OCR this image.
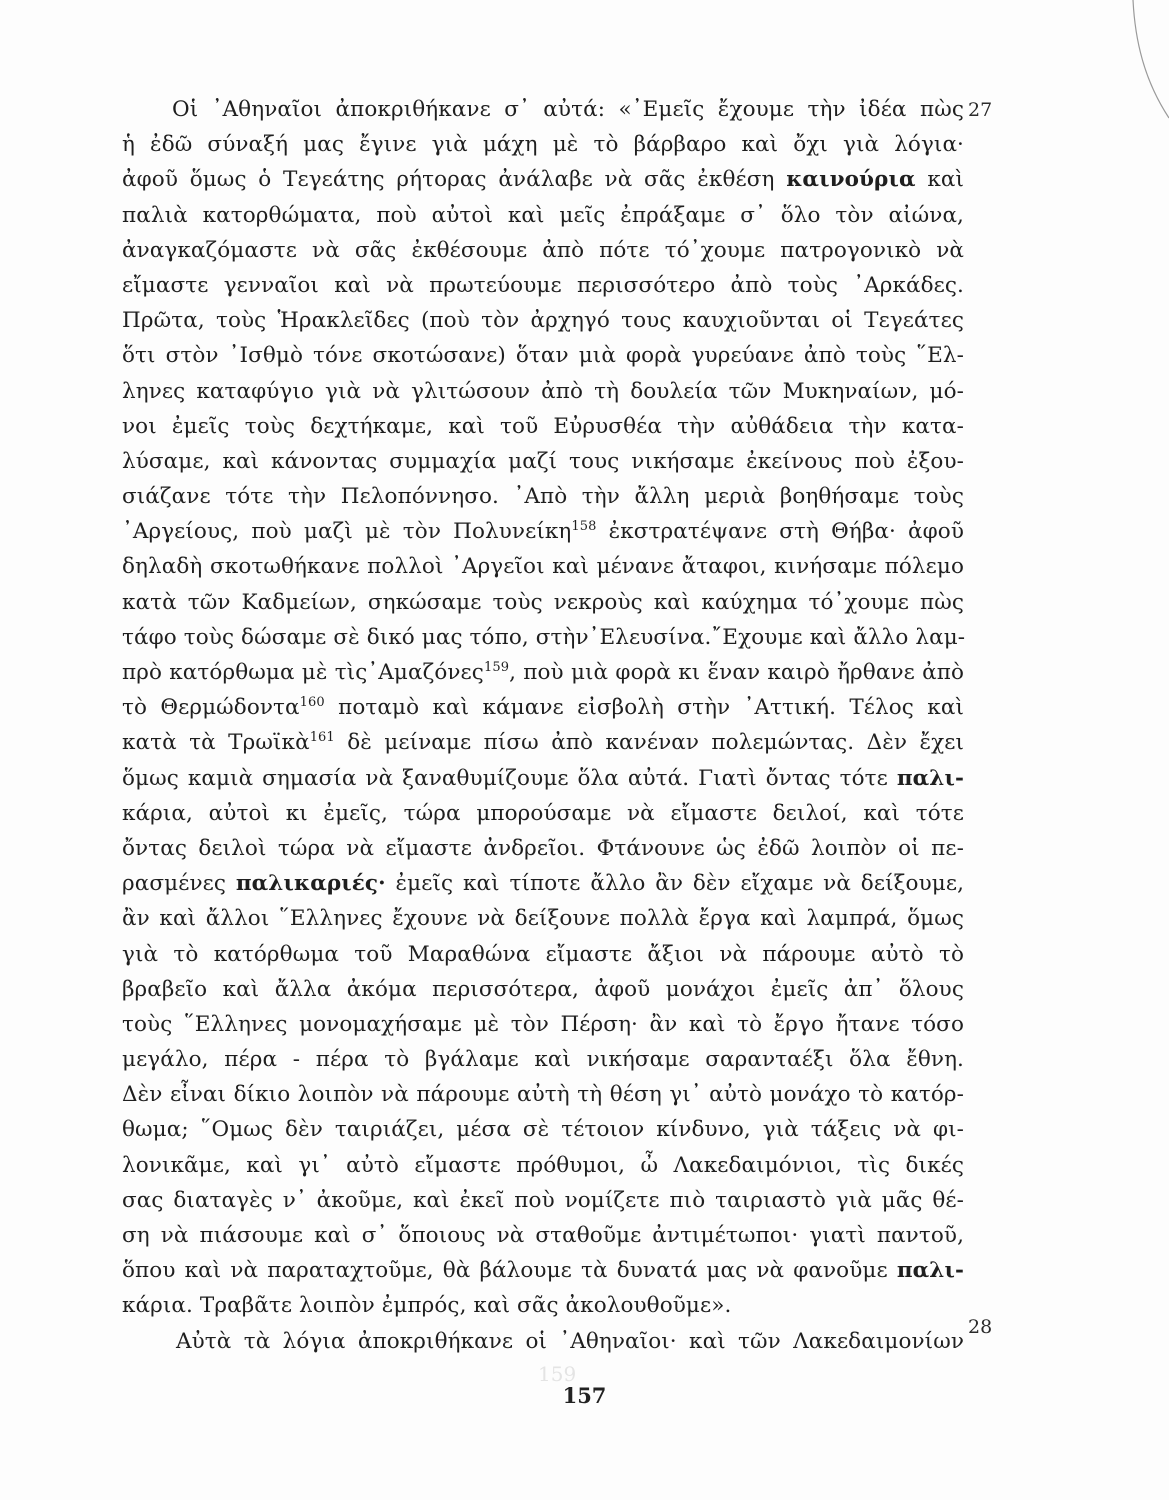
Οἱ ᾿Αθηναῖοι ἀποκριθήκανε σ᾿ αὐτά: «᾿Εμεῖς ἔχουμε τὴν ἰδέα πὼς
ἡ ἐδῶ σύναξή μας ἔγινε γιὰ μάχη μὲ τὸ βάρβαρο καὶ ὄχι γιὰ λόγια·
ἀφοῦ ὅμως ὁ Τεγεάτης ρήτορας ἀνάλαβε νὰ σᾶς ἐκθέση καινούρια καὶ
παλιὰ κατορθώματα, ποὺ αὐτοὶ καὶ μεῖς ἐπράξαμε σ᾿ ὅλο τὸν αἰώνα,
ἀναγκαζόμαστε νὰ σᾶς ἐκθέσουμε ἀπὸ πότε τό᾿χουμε πατρογονικὸ νὰ
εἴμαστε γενναῖοι καὶ νὰ πρωτεύουμε περισσότερο ἀπὸ τοὺς ᾿Αρκάδες.
Πρῶτα, τοὺς Ἡρακλεῖδες (ποὺ τὸν ἀρχηγό τους καυχιοῦνται οἱ Τεγεάτες
ὅτι στὸν ᾿Ισθμὸ τόνε σκοτώσανε) ὅταν μιὰ φορὰ γυρεύανε ἀπὸ τοὺς ῞Ελ-
ληνες καταφύγιο γιὰ νὰ γλιτώσουν ἀπὸ τὴ δουλεία τῶν Μυκηναίων, μό-
νοι ἐμεῖς τοὺς δεχτήκαμε, καὶ τοῦ Εὐρυσθέα τὴν αὐθάδεια τὴν κατα-
λύσαμε, καὶ κάνοντας συμμαχία μαζί τους νικήσαμε ἐκείνους ποὺ ἐξου-
σιάζανε τότε τὴν Πελοπόννησο. ᾿Απὸ τὴν ἄλλη μεριὰ βοηθήσαμε τοὺς
᾿Αργείους, ποὺ μαζὶ μὲ τὸν Πολυνείκη$^{158}$ ἐκστρατέψανε στὴ Θήβα· ἀφοῦ
δηλαδὴ σκοτωθήκανε πολλοὶ ᾿Αργεῖοι καὶ μένανε ἄταφοι, κινήσαμε πόλεμο
κατὰ τῶν Καδμείων, σηκώσαμε τοὺς νεκροὺς καὶ καύχημα τό᾿χουμε πὼς
τάφο τοὺς δώσαμε σὲ δικό μας τόπο, στὴν᾿Ελευσίνα.῎Εχουμε καὶ ἄλλο λαμ-
πρὸ κατόρθωμα μὲ τὶς᾿Αμαζόνες$^{159}$, ποὺ μιὰ φορὰ κι ἕναν καιρὸ ἤρθανε ἀπὸ
τὸ Θερμώδοντα$^{160}$ ποταμὸ καὶ κάμανε εἰσβολὴ στὴν ᾿Αττική. Τέλος καὶ
κατὰ τὰ Τρωϊκὰ$^{161}$ δὲ μείναμε πίσω ἀπὸ κανέναν πολεμώντας. Δὲν ἔχει
ὅμως καμιὰ σημασία νὰ ξαναθυμίζουμε ὅλα αὐτά. Γιατὶ ὄντας τότε παλι-
κάρια, αὐτοὶ κι ἐμεῖς, τώρα μπορούσαμε νὰ εἴμαστε δειλοί, καὶ τότε
ὄντας δειλοὶ τώρα νὰ εἴμαστε ἀνδρεῖοι. Φτάνουνε ὡς ἐδῶ λοιπὸν οἱ πε-
ρασμένες παλικαριές· ἐμεῖς καὶ τίποτε ἄλλο ἂν δὲν εἴχαμε νὰ δείξουμε,
ἂν καὶ ἄλλοι ῞Ελληνες ἔχουνε νὰ δείξουνε πολλὰ ἔργα καὶ λαμπρά, ὅμως
γιὰ τὸ κατόρθωμα τοῦ Μαραθώνα εἴμαστε ἄξιοι νὰ πάρουμε αὐτὸ τὸ
βραβεῖο καὶ ἄλλα ἀκόμα περισσότερα, ἀφοῦ μονάχοι ἐμεῖς ἀπ᾿ ὅλους
τοὺς ῞Ελληνες μονομαχήσαμε μὲ τὸν Πέρση· ἂν καὶ τὸ ἔργο ἤτανε τόσο
μεγάλο, πέρα - πέρα τὸ βγάλαμε καὶ νικήσαμε σαρανταέξι ὅλα ἔθνη.
Δὲν εἶναι δίκιο λοιπὸν νὰ πάρουμε αὐτὴ τὴ θέση γι᾿ αὐτὸ μονάχο τὸ κατόρ-
θωμα; ῞Ομως δὲν ταιριάζει, μέσα σὲ τέτοιον κίνδυνο, γιὰ τάξεις νὰ φι-
λονικᾶμε, καὶ γι᾿ αὐτὸ εἴμαστε πρόθυμοι, ὦ Λακεδαιμόνιοι, τὶς δικές
σας διαταγὲς ν᾿ ἀκοῦμε, καὶ ἐκεῖ ποὺ νομίζετε πιὸ ταιριαστὸ γιὰ μᾶς θέ-
ση νὰ πιάσουμε καὶ σ᾿ ὅποιους νὰ σταθοῦμε ἀντιμέτωποι· γιατὶ παντοῦ,
ὅπου καὶ νὰ παραταχτοῦμε, θὰ βάλουμε τὰ δυνατά μας νὰ φανοῦμε παλι-
κάρια. Τραβᾶτε λοιπὸν ἐμπρός, καὶ σᾶς ἀκολουθοῦμε».
Αὐτὰ τὰ λόγια ἀποκριθήκανε οἱ ᾿Αθηναῖοι· καὶ τῶν Λακεδαιμονίων
27
28
159
157
